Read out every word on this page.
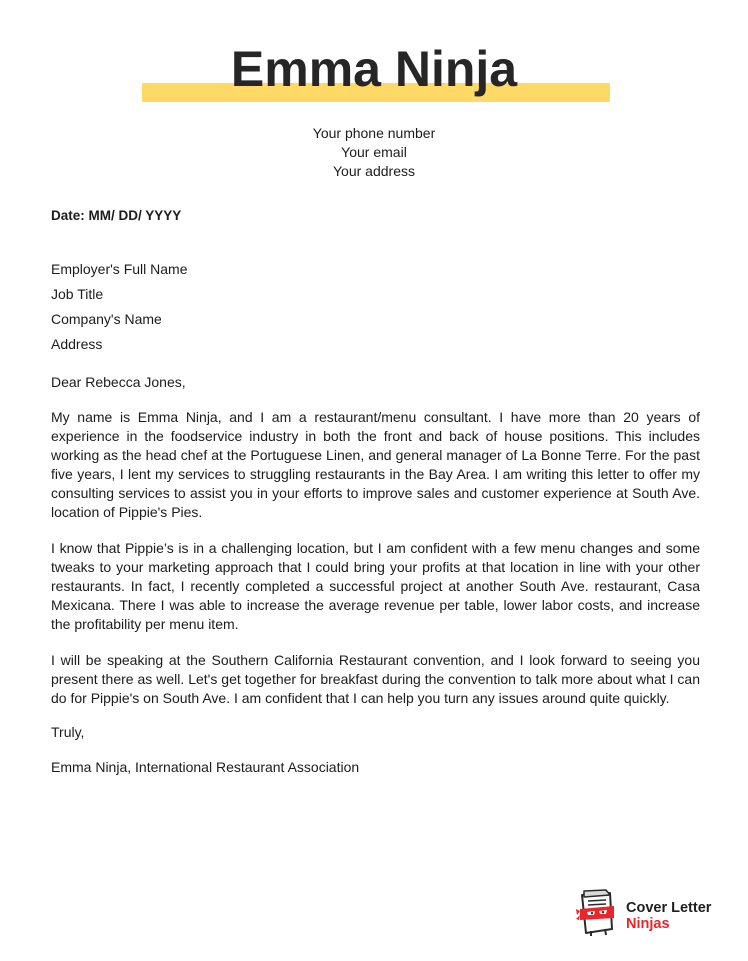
Emma Ninja
Your phone number
Your email
Your address
Date: MM/ DD/ YYYY
Employer's Full Name
Job Title
Company's Name
Address
Dear Rebecca Jones,

My name is Emma Ninja, and I am a restaurant/menu consultant. I have more than 20 years of experience in the foodservice industry in both the front and back of house positions. This includes working as the head chef at the Portuguese Linen, and general manager of La Bonne Terre. For the past five years, I lent my services to struggling restaurants in the Bay Area. I am writing this letter to offer my consulting services to assist you in your efforts to improve sales and customer experience at South Ave. location of Pippie's Pies.

I know that Pippie’s is in a challenging location, but I am confident with a few menu changes and some tweaks to your marketing approach that I could bring your profits at that location in line with your other restaurants. In fact, I recently completed a successful project at another South Ave. restaurant, Casa Mexicana. There I was able to increase the average revenue per table, lower labor costs, and increase the profitability per menu item.

I will be speaking at the Southern California Restaurant convention, and I look forward to seeing you present there as well. Let's get together for breakfast during the convention to talk more about what I can do for Pippie's on South Ave. I am confident that I can help you turn any issues around quite quickly.

Truly,
Emma Ninja, International Restaurant Association
Cover Letter
Ninjas
